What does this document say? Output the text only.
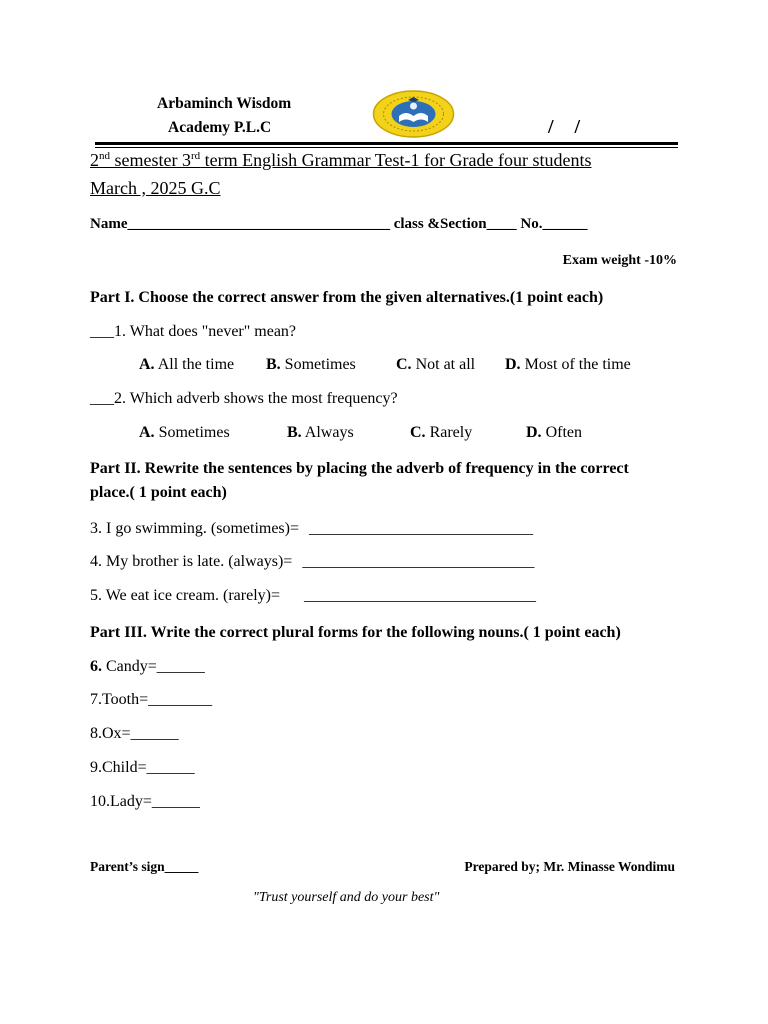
Arbaminch Wisdom
Academy P.L.C	/ /
2nd semester 3rd term English Grammar Test-1 for Grade four students
March , 2025 G.C
Name___________________________________ class &Section____ No.______
Exam weight -10%
Part I. Choose the correct answer from the given alternatives.(1 point each)
___1. What does "never" mean?
A. All the time B. Sometimes	C. Not at all D. Most of the time
___2. Which adverb shows the most frequency?
A. Sometimes	B. Always	C. Rarely	D. Often
Part II. Rewrite the sentences by placing the adverb of frequency in the correct place.( 1 point each)
3. I go swimming. (sometimes)= ____________________________
4. My brother is late. (always)= _____________________________
5. We eat ice cream. (rarely)= _____________________________
Part III. Write the correct plural forms for the following nouns.( 1 point each)
6. Candy=______
7.Tooth=________
8.Ox=______
9.Child=______
10.Lady=______
Parent’s sign_____	Prepared by; Mr. Minasse Wondimu
"Trust yourself and do your best"
